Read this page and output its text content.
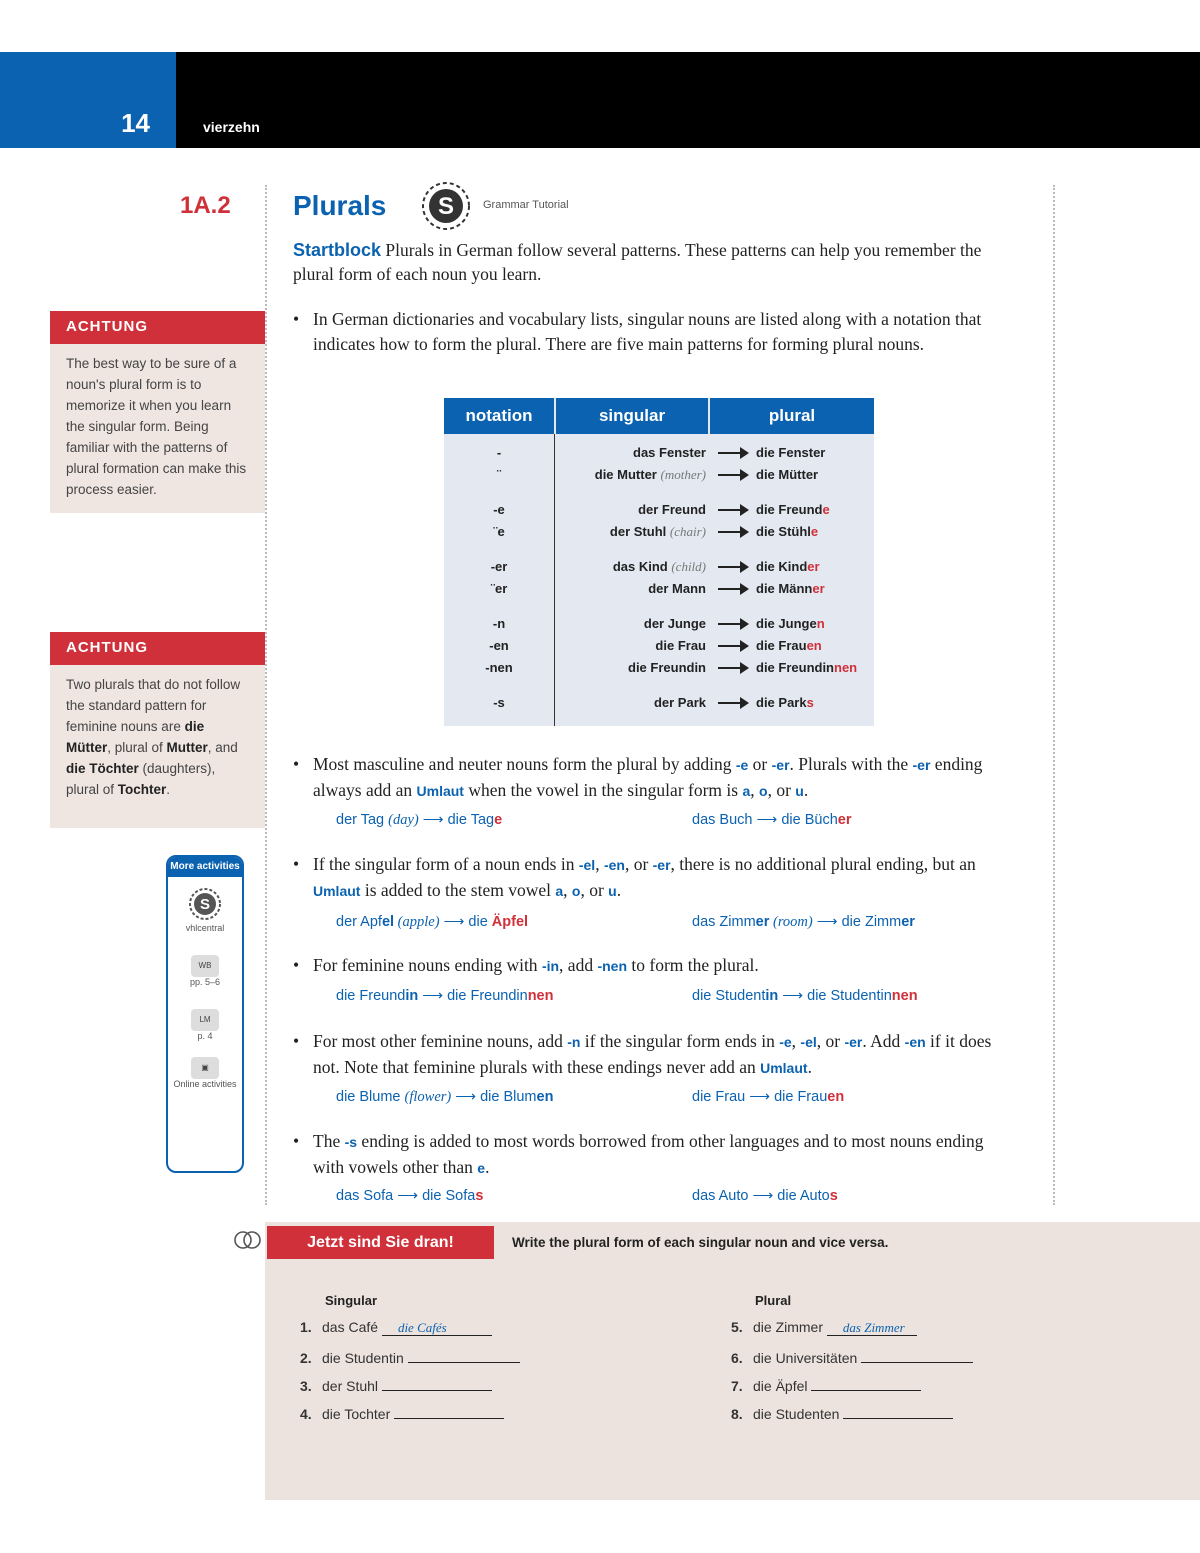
14	vierzehn
1A.2 Plurals S	Grammar Tutorial
Startblock Plurals in German follow several patterns. These patterns can help you remember the plural form of each noun you learn.
ACHTUNG
The best way to be sure of a noun's plural form is to memorize it when you learn the singular form. Being familiar with the patterns of plural formation can make this process easier.
ACHTUNG
Two plurals that do not follow the standard pattern for feminine nouns are die Mütter, plural of Mutter, and die Töchter (daughters), plural of Tochter.
More activities
S
vhlcentral
WB
pp. 5–6
LM
p. 4
▣
Online activities
• In German dictionaries and vocabulary lists, singular nouns are listed along with a notation that indicates how to form the plural. There are five main patterns for forming plural nouns.
notation	singular	plural
-	das Fenster	die Fenster
¨	die Mutter (mother)	die Mütter
-e	der Freund	die Freunde
¨e	der Stuhl (chair)	die Stühle
-er	das Kind (child)	die Kinder
¨er	der Mann	die Männer
-n	der Junge	die Jungen
-en	die Frau	die Frauen
-nen	die Freundin	die Freundinnen
-s	der Park	die Parks
• Most masculine and neuter nouns form the plural by adding -e or -er. Plurals with the -er ending always add an Umlaut when the vowel in the singular form is a, o, or u.
der Tag (day) ⟶ die Tage	das Buch ⟶ die Bücher
• If the singular form of a noun ends in -el, -en, or -er, there is no additional plural ending, but an Umlaut is added to the stem vowel a, o, or u.
der Apfel (apple) ⟶ die Äpfel	das Zimmer (room) ⟶ die Zimmer
• For feminine nouns ending with -in, add -nen to form the plural.
die Freundin ⟶ die Freundinnen	die Studentin ⟶ die Studentinnen
• For most other feminine nouns, add -n if the singular form ends in -e, -el, or -er. Add -en if it does not. Note that feminine plurals with these endings never add an Umlaut.
die Blume (flower) ⟶ die Blumen	die Frau ⟶ die Frauen
• The -s ending is added to most words borrowed from other languages and to most nouns ending with vowels other than e.
das Sofa ⟶ die Sofas	das Auto ⟶ die Autos
Jetzt sind Sie dran!	Write the plural form of each singular noun and vice versa.
Singular	Plural
1. das Café die Cafés
2. die Studentin
3. der Stuhl
4. die Tochter
5. die Zimmer das Zimmer
6. die Universitäten
7. die Äpfel
8. die Studenten
